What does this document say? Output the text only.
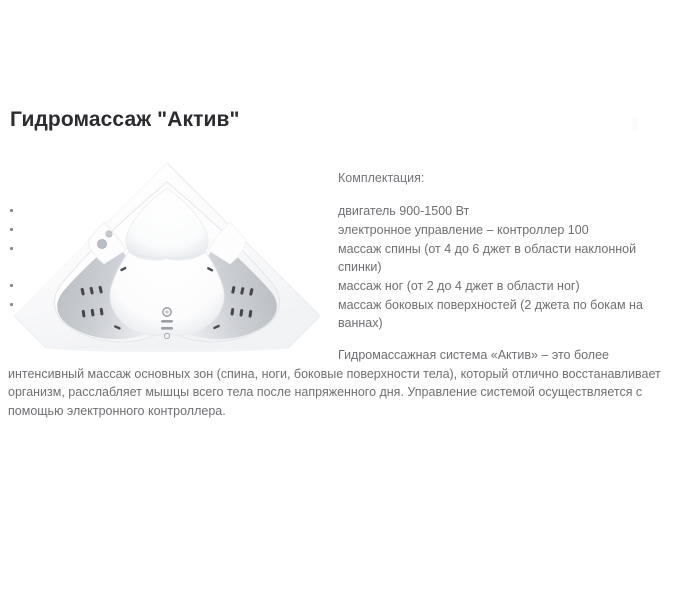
Гидромассаж "Актив"

Комплектация:

двигатель 900-1500 Вт
электронное управление – контроллер 100
массаж спины (от 4 до 6 джет в области наклонной спинки)
массаж ног (от 2 до 4 джет в области ног)
массаж боковых поверхностей (2 джета по бокам на ваннах)

Гидромассажная система «Актив» – это более интенсивный массаж основных зон (спина, ноги, боковые поверхности тела), который отлично восстанавливает организм, расслабляет мышцы всего тела после напряженного дня. Управление системой осуществляется с помощью электронного контроллера.
